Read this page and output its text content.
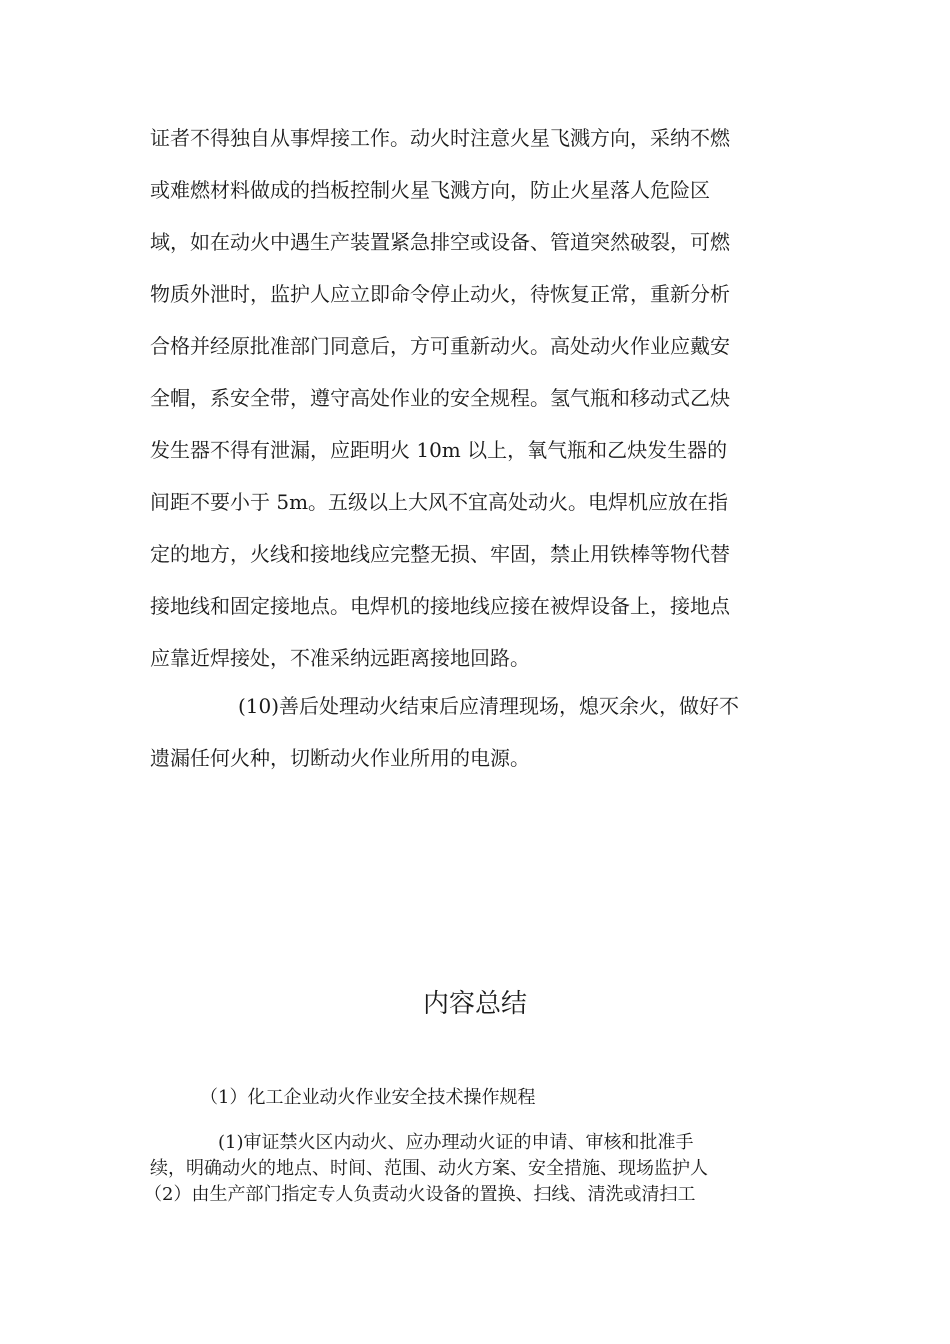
证者不得独自从事焊接工作。动火时注意火星飞溅方向，采纳不燃
或难燃材料做成的挡板控制火星飞溅方向，防止火星落人危险区
域，如在动火中遇生产装置紧急排空或设备、管道突然破裂，可燃
物质外泄时，监护人应立即命令停止动火，待恢复正常，重新分析
合格并经原批准部门同意后，方可重新动火。高处动火作业应戴安
全帽，系安全带，遵守高处作业的安全规程。氢气瓶和移动式乙炔
发生器不得有泄漏，应距明火 10m 以上，氧气瓶和乙炔发生器的
间距不要小于 5m。五级以上大风不宜高处动火。电焊机应放在指
定的地方，火线和接地线应完整无损、牢固，禁止用铁棒等物代替
接地线和固定接地点。电焊机的接地线应接在被焊设备上，接地点
应靠近焊接处，不准采纳远距离接地回路。

(10)善后处理动火结束后应清理现场，熄灭余火，做好不
遗漏任何火种，切断动火作业所用的电源。

内容总结

（1）化工企业动火作业安全技术操作规程

(1)审证禁火区内动火、应办理动火证的申请、审核和批准手
续，明确动火的地点、时间、范围、动火方案、安全措施、现场监护人
（2）由生产部门指定专人负责动火设备的置换、扫线、清洗或清扫工
